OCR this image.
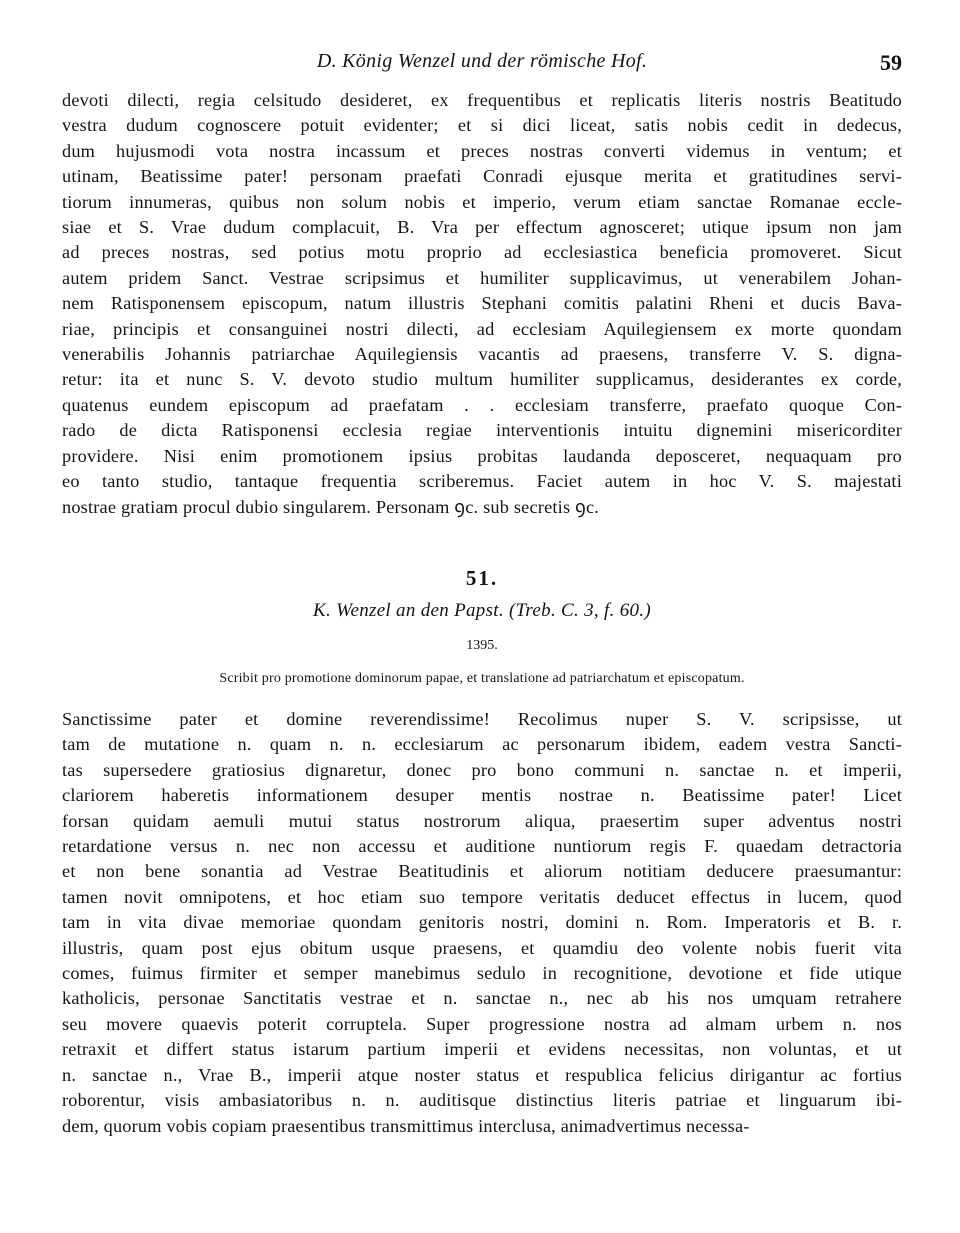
D. König Wenzel und der römische Hof.	59
devoti dilecti, regia celsitudo desideret, ex frequentibus et replicatis literis nostris Beatitudo
vestra dudum cognoscere potuit evidenter; et si dici liceat, satis nobis cedit in dedecus,
dum hujusmodi vota nostra incassum et preces nostras converti videmus in ventum; et
utinam, Beatissime pater! personam praefati Conradi ejusque merita et gratitudines servi-
tiorum innumeras, quibus non solum nobis et imperio, verum etiam sanctae Romanae eccle-
siae et S. Vrae dudum complacuit, B. Vra per effectum agnosceret; utique ipsum non jam
ad preces nostras, sed potius motu proprio ad ecclesiastica beneficia promoveret. Sicut
autem pridem Sanct. Vestrae scripsimus et humiliter supplicavimus, ut venerabilem Johan-
nem Ratisponensem episcopum, natum illustris Stephani comitis palatini Rheni et ducis Bava-
riae, principis et consanguinei nostri dilecti, ad ecclesiam Aquilegiensem ex morte quondam
venerabilis Johannis patriarchae Aquilegiensis vacantis ad praesens, transferre V. S. digna-
retur: ita et nunc S. V. devoto studio multum humiliter supplicamus, desiderantes ex corde,
quatenus eundem episcopum ad praefatam . . ecclesiam transferre, praefato quoque Con-
rado de dicta Ratisponensi ecclesia regiae interventionis intuitu dignemini misericorditer
providere. Nisi enim promotionem ipsius probitas laudanda deposceret, nequaquam pro
eo tanto studio, tantaque frequentia scriberemus. Faciet autem in hoc V. S. majestati
nostrae gratiam procul dubio singularem. Personam ꝯc. sub secretis ꝯc.
51.
K. Wenzel an den Papst. (Treb. C. 3, f. 60.)
1395.
Scribit pro promotione dominorum papae, et translatione ad patriarchatum et episcopatum.
Sanctissime pater et domine reverendissime! Recolimus nuper S. V. scripsisse, ut
tam de mutatione n. quam n. n. ecclesiarum ac personarum ibidem, eadem vestra Sancti-
tas supersedere gratiosius dignaretur, donec pro bono communi n. sanctae n. et imperii,
clariorem haberetis informationem desuper mentis nostrae n. Beatissime pater! Licet
forsan quidam aemuli mutui status nostrorum aliqua, praesertim super adventus nostri
retardatione versus n. nec non accessu et auditione nuntiorum regis F. quaedam detractoria
et non bene sonantia ad Vestrae Beatitudinis et aliorum notitiam deducere praesumantur:
tamen novit omnipotens, et hoc etiam suo tempore veritatis deducet effectus in lucem, quod
tam in vita divae memoriae quondam genitoris nostri, domini n. Rom. Imperatoris et B. r.
illustris, quam post ejus obitum usque praesens, et quamdiu deo volente nobis fuerit vita
comes, fuimus firmiter et semper manebimus sedulo in recognitione, devotione et fide utique
katholicis, personae Sanctitatis vestrae et n. sanctae n., nec ab his nos umquam retrahere
seu movere quaevis poterit corruptela. Super progressione nostra ad almam urbem n. nos
retraxit et differt status istarum partium imperii et evidens necessitas, non voluntas, et ut
n. sanctae n., Vrae B., imperii atque noster status et respublica felicius dirigantur ac fortius
roborentur, visis ambasiatoribus n. n. auditisque distinctius literis patriae et linguarum ibi-
dem, quorum vobis copiam praesentibus transmittimus interclusa, animadvertimus necessa-
